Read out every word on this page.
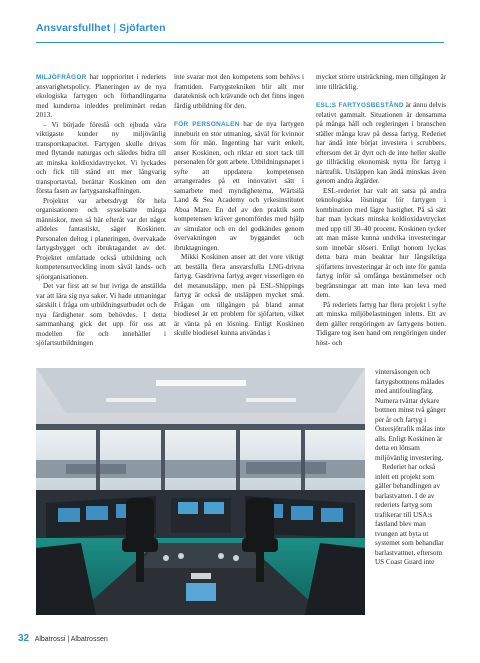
Ansvarsfullhet | Sjöfarten

MILJÖFRÅGOR har topprioritet i rederiets ansvarighetspolicy. Planeringen av de nya ekologiska fartygen och förhandlingarna med kunderna inleddes preliminärt redan 2013.

– Vi började föreslå och ejbuda våra viktigaste kunder ny miljövänlig transportkapacitet. Fartygen skulle drivas med flytande naturgas och således bidra till att minska koldioxidavtrycket. Vi lyckades och fick till stånd ett mer långvarig transportavtal, berättar Koskinen om den första fasen av fartygsanskaffningen.

Projektet var arbetsdrygt för hela organisationen och sysselsatte många människor, men så här efteråt var det något alldeles fantastiskt, säger Koskinen. Personalen deltog i planeringen, övervakade fartygsbygget och ibruktagandet av det. Projektet omfattade också utbildning och kompetensutveckling inom såväl lands- och sjöorganisationen.

Det var first att se hur ivriga de anställda var att lära sig nya saker. Vi hade utmaningar särskilt i fråga om utbildningsutbudet och de nya färdigheter som behövdes. I detta sammanhang gick det upp för oss att modellen för och innehållet i sjöfartsutbildningen

inte svarar mot den kompetens som behövs i framtiden. Fartygstekniken blir allt mer datateknisk och krävande och det finns ingen färdig utbildning för den.

FÖR PERSONALEN har de nya fartygen inneburit en stor utmaning, såväl för kvinnor som för män. Ingenting har varit enkelt, anser Koskinen, och riktar ett stort tack till personalen för gott arbete. Utbildningsnapet i syfte att uppdatera kompetensen arrangerades på ett innovativt sätt i samarbete med myndigheterna, Wärtsilä Land & Sea Academy och yrkesinstitutet Aboa Mare. En del av den praktik som kompetensen kräver genomfördes med hjälp av simulator och en del godkändes genom övervakningen av byggandet och ibruktagningen.

Mikki Koskinen anser att det vore viktigt att beställa flera ansvarsfulla LNG-drivna fartyg. Gasdrivna fartyg avger visserligen en del metanutsläpp, men på ESL-Shippings fartyg är också de utsläppen mycket små. Frågan om tillgången på bland annat biodiesel är ett problem för sjöfarten, vilket är vänta på en lösning. Enligt Koskinen skulle biodiesel kunna användas i

mycket större utsträckning, men tillgången är inte tillräcklig.

ESL:S FARTYGSBESTÅND är ännu delvis relativt gammalt. Situationen är densamma på många håll och regleringen i branschen ställer många krav på dessa fartyg. Rederiet har ändå inte börjat investera i scrubbers, eftersom det är dyrt och de inte heller skulle ge tillräcklig ekonomisk nytta för fartyg i närtrafik. Utsläppen kan ändå minskas även genom andra åtgärder.

ESL-rederiet har valt att satsa på andra teknologiska lösningar för fartygen i kombination med lägre hastighet. På så sätt har man lyckats minska koldioxidavtrycket med upp till 30–40 procent. Koskinen tycker att man måste kunna undvika investeringar som innebär slöseri. Enligt honom lyckas detta bara man beaktar hur långsiktiga sjöfartens investeringar är och inte för gamla fartyg inför så omfånga bestämmelser och begränsningar att man inte kan leva med dem.

På rederiets fartyg har flera projekt i syfte att minska miljöbelastningen inletts. Ett av dem gäller rengöringen av fartygens botten. Tidigare tog isen hand om rengöringen under höst- och

vintersäsongen och fartygsbottnens målades med antifoulingfärg. Numera tvättar dykare bottnen minst två gånger per år och fartyg i Östersjötrafik målas inte alls. Enligt Koskinen är detta en lönsam miljövänlig investering.

Rederiet har också inlett ett projekt som gäller behandlingen av barlastvatten. I de av rederiets fartyg som trafikerar till USA:s fastland blev man tvungen att byta ut systemet som behandlar barlastvattnet, eftersom US Coast Guard inte

32 Albatrossi | Albatrossen
